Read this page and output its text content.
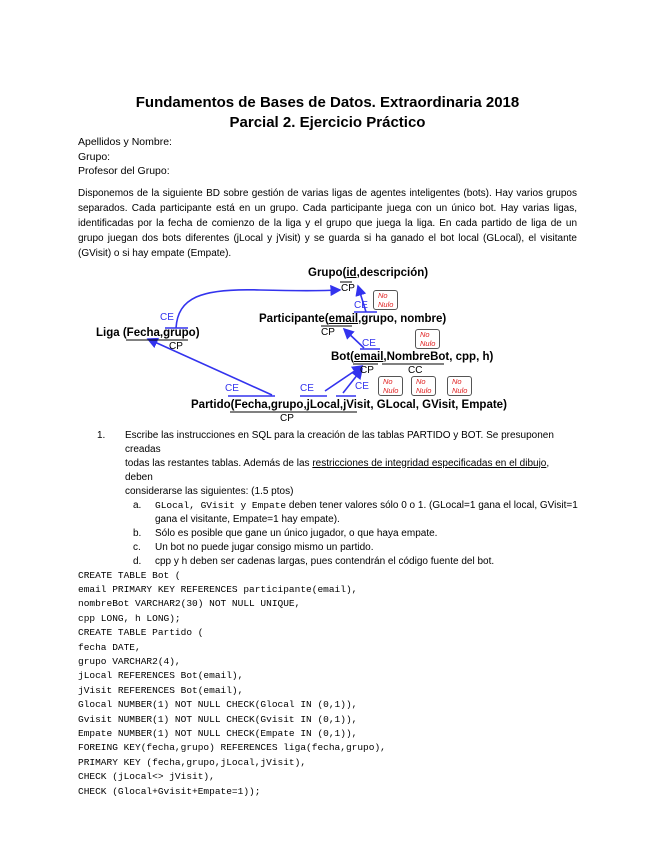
Fundamentos de Bases de Datos. Extraordinaria 2018
Parcial 2. Ejercicio Práctico
Apellidos y Nombre:
Grupo:
Profesor del Grupo:

Disponemos de la siguiente BD sobre gestión de varias ligas de agentes inteligentes (bots). Hay varios grupos separados. Cada participante está en un grupo. Cada participante juega con un único bot. Hay varias ligas, identificadas por la fecha de comienzo de la liga y el grupo que juega la liga. En cada partido de liga de un grupo juegan dos bots diferentes (jLocal y jVisit) y se guarda si ha ganado el bot local (GLocal), el visitante (GVisit) o si hay empate (Empate).

Grupo(id,descripción)
CP
Participante(email,grupo, nombre)
CP
Liga (Fecha,grupo)
CP
Bot(email,NombreBot, cpp, h)
CP	CC
Partido(Fecha,grupo,jLocal,jVisit, GLocal, GVisit, Empate)
CP
CE
CE
CE
CE	CE	CE
No
Nulo
No
Nulo
No
Nulo
No
Nulo
No
Nulo
1.	Escribe las instrucciones en SQL para la creación de las tablas PARTIDO y BOT. Se presuponen creadas
todas las restantes tablas. Además de las restricciones de integridad especificadas en el dibujo, deben
considerarse las siguientes: (1.5 ptos)
a.	GLocal, GVisit y Empate deben tener valores sólo 0 o 1. (GLocal=1 gana el local, GVisit=1
gana el visitante, Empate=1 hay empate).
b.	Sólo es posible que gane un único jugador, o que haya empate.
c.	Un bot no puede jugar consigo mismo un partido.
d.	cpp y h deben ser cadenas largas, pues contendrán el código fuente del bot.
CREATE TABLE Bot (
email PRIMARY KEY REFERENCES participante(email),
nombreBot VARCHAR2(30) NOT NULL UNIQUE,
cpp LONG, h LONG);
CREATE TABLE Partido (
fecha DATE,
grupo VARCHAR2(4),
jLocal REFERENCES Bot(email),
jVisit REFERENCES Bot(email),
Glocal NUMBER(1) NOT NULL CHECK(Glocal IN (0,1)),
Gvisit NUMBER(1) NOT NULL CHECK(Gvisit IN (0,1)),
Empate NUMBER(1) NOT NULL CHECK(Empate IN (0,1)),
FOREING KEY(fecha,grupo) REFERENCES liga(fecha,grupo),
PRIMARY KEY (fecha,grupo,jLocal,jVisit),
CHECK (jLocal<> jVisit),
CHECK (Glocal+Gvisit+Empate=1));
